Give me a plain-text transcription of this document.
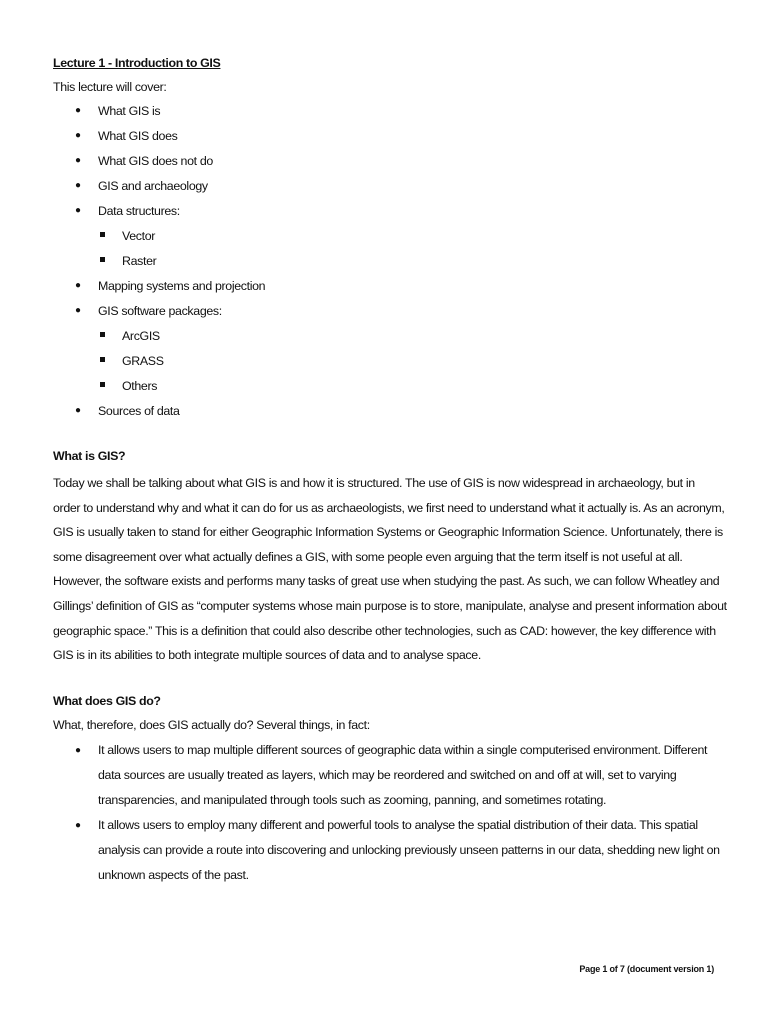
Lecture 1 - Introduction to GIS
This lecture will cover:
● What GIS is
● What GIS does
● What GIS does not do
● GIS and archaeology
● Data structures:
Vector
Raster
● Mapping systems and projection
● GIS software packages:
ArcGIS
GRASS
Others
● Sources of data
What is GIS?
Today we shall be talking about what GIS is and how it is structured. The use of GIS is now widespread in archaeology, but in
order to understand why and what it can do for us as archaeologists, we first need to understand what it actually is. As an acronym,
GIS is usually taken to stand for either Geographic Information Systems or Geographic Information Science. Unfortunately, there is
some disagreement over what actually defines a GIS, with some people even arguing that the term itself is not useful at all.
However, the software exists and performs many tasks of great use when studying the past. As such, we can follow Wheatley and
Gillings’ definition of GIS as “computer systems whose main purpose is to store, manipulate, analyse and present information about
geographic space.” This is a definition that could also describe other technologies, such as CAD: however, the key difference with
GIS is in its abilities to both integrate multiple sources of data and to analyse space.
What does GIS do?
What, therefore, does GIS actually do? Several things, in fact:
● It allows users to map multiple different sources of geographic data within a single computerised environment. Different
data sources are usually treated as layers, which may be reordered and switched on and off at will, set to varying
transparencies, and manipulated through tools such as zooming, panning, and sometimes rotating.
● It allows users to employ many different and powerful tools to analyse the spatial distribution of their data. This spatial
analysis can provide a route into discovering and unlocking previously unseen patterns in our data, shedding new light on
unknown aspects of the past.
Page 1 of 7 (document version 1)
